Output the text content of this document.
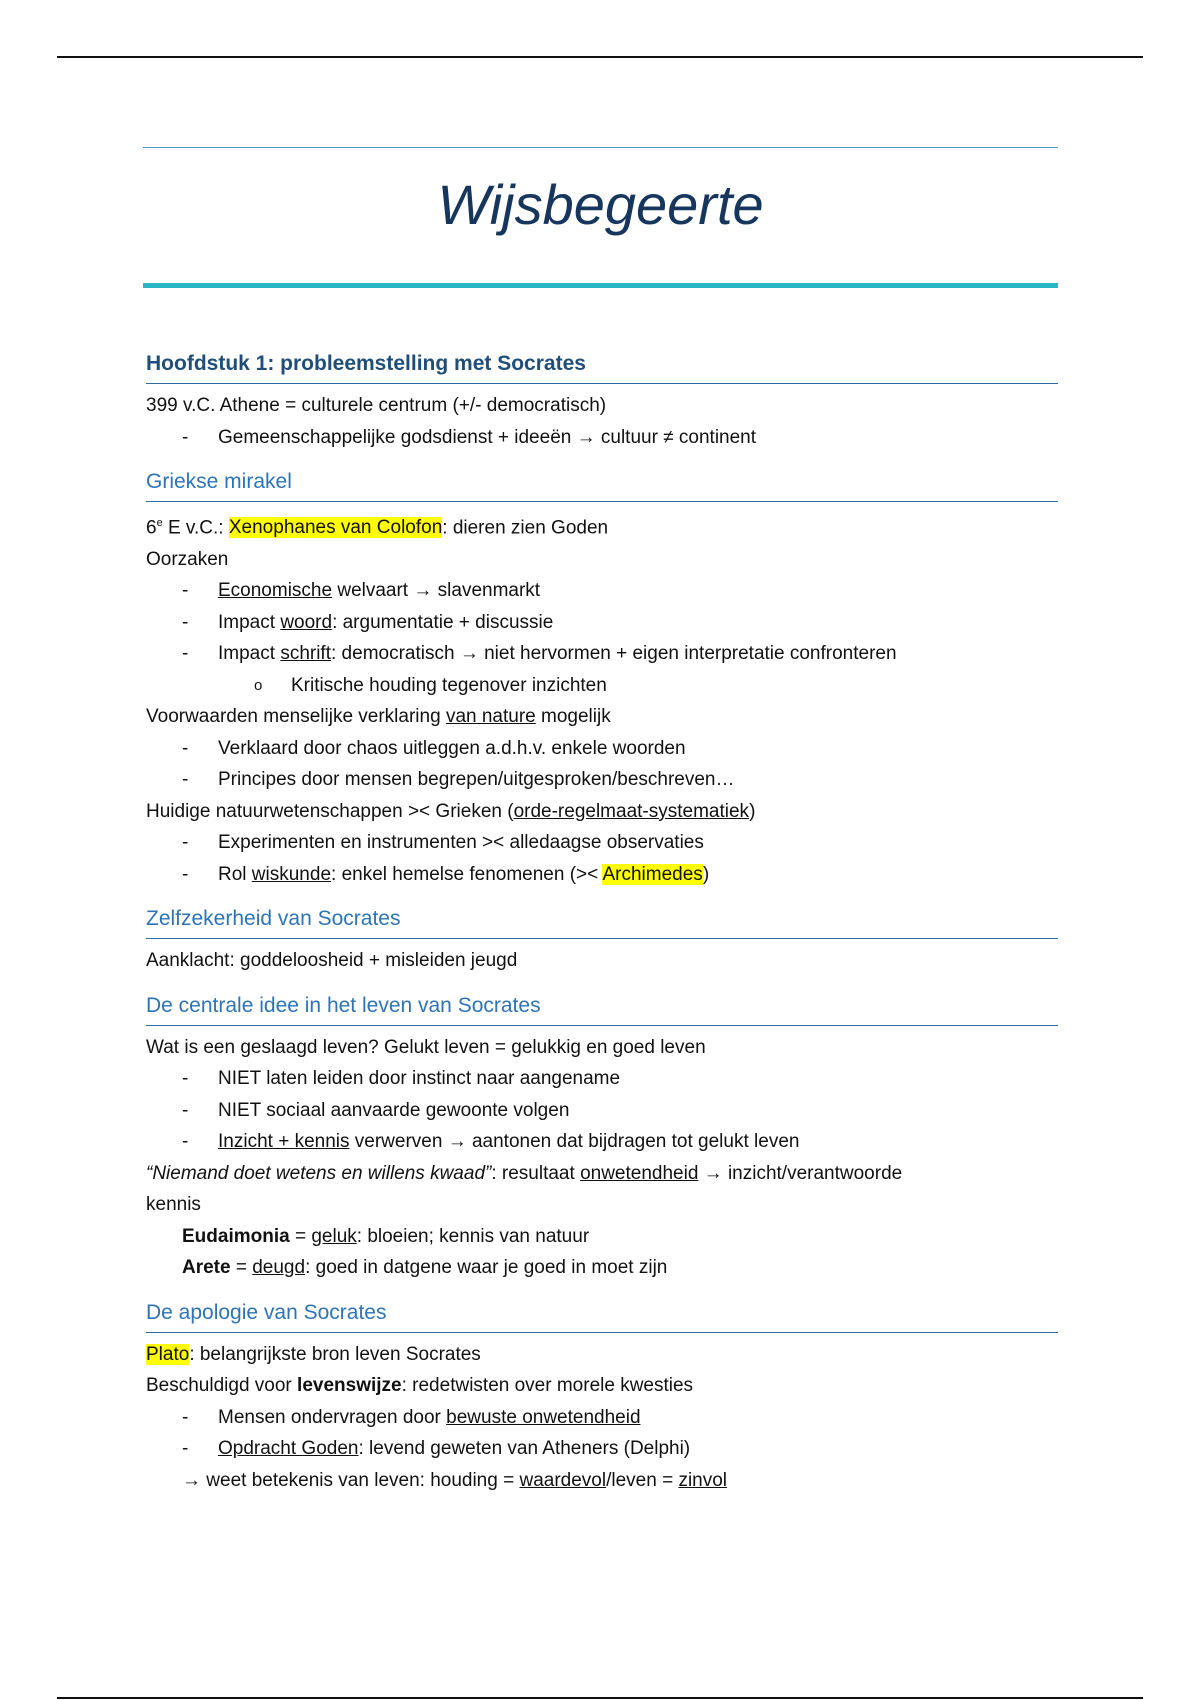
Wijsbegeerte
Hoofdstuk 1: probleemstelling met Socrates
399 v.C. Athene = culturele centrum (+/- democratisch)
- Gemeenschappelijke godsdienst + ideeën → cultuur ≠ continent
Griekse mirakel
6e E v.C.: Xenophanes van Colofon: dieren zien Goden
Oorzaken
- Economische welvaart → slavenmarkt
- Impact woord: argumentatie + discussie
- Impact schrift: democratisch → niet hervormen + eigen interpretatie confronteren
o Kritische houding tegenover inzichten
Voorwaarden menselijke verklaring van nature mogelijk
- Verklaard door chaos uitleggen a.d.h.v. enkele woorden
- Principes door mensen begrepen/uitgesproken/beschreven…
Huidige natuurwetenschappen >< Grieken (orde-regelmaat-systematiek)
- Experimenten en instrumenten >< alledaagse observaties
- Rol wiskunde: enkel hemelse fenomenen (>< Archimedes)
Zelfzekerheid van Socrates
Aanklacht: goddeloosheid + misleiden jeugd
De centrale idee in het leven van Socrates
Wat is een geslaagd leven? Gelukt leven = gelukkig en goed leven
- NIET laten leiden door instinct naar aangename
- NIET sociaal aanvaarde gewoonte volgen
- Inzicht + kennis verwerven → aantonen dat bijdragen tot gelukt leven
“Niemand doet wetens en willens kwaad”: resultaat onwetendheid → inzicht/verantwoorde
kennis
Eudaimonia = geluk: bloeien; kennis van natuur
Arete = deugd: goed in datgene waar je goed in moet zijn
De apologie van Socrates
Plato: belangrijkste bron leven Socrates
Beschuldigd voor levenswijze: redetwisten over morele kwesties
- Mensen ondervragen door bewuste onwetendheid
- Opdracht Goden: levend geweten van Atheners (Delphi)
→ weet betekenis van leven: houding = waardevol/leven = zinvol
